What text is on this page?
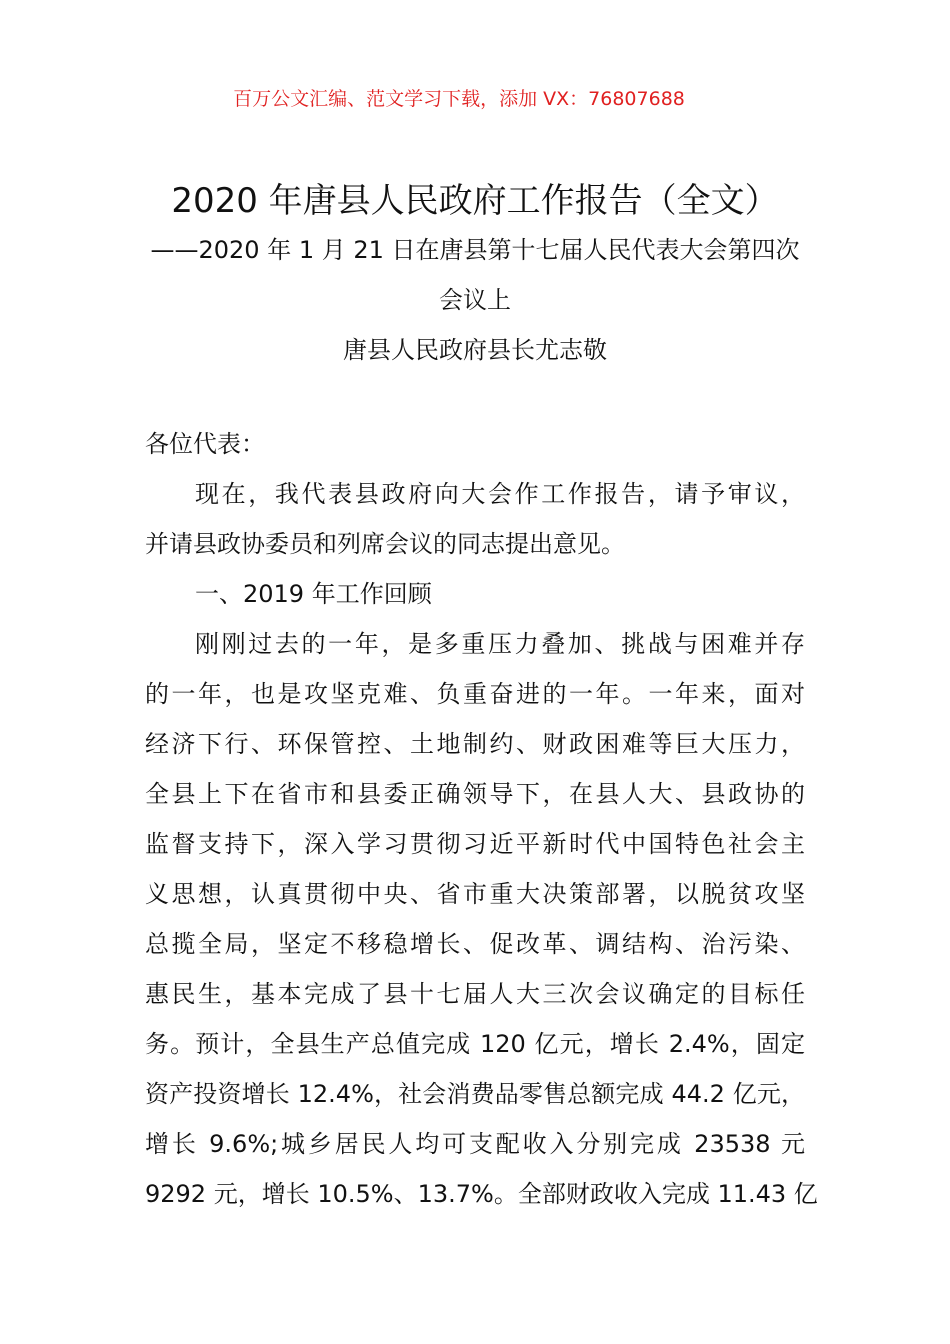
百万公文汇编、范文学习下载，添加 VX：76807688
2020 年唐县人民政府工作报告（全文）
——2020 年 1 月 21 日在唐县第十七届人民代表大会第四次
会议上
唐县人民政府县长尤志敬
各位代表：
现在，我代表县政府向大会作工作报告，请予审议，
并请县政协委员和列席会议的同志提出意见。
一、2019 年工作回顾
刚刚过去的一年，是多重压力叠加、挑战与困难并存
的一年，也是攻坚克难、负重奋进的一年。一年来，面对
经济下行、环保管控、土地制约、财政困难等巨大压力，
全县上下在省市和县委正确领导下，在县人大、县政协的
监督支持下，深入学习贯彻习近平新时代中国特色社会主
义思想，认真贯彻中央、省市重大决策部署，以脱贫攻坚
总揽全局，坚定不移稳增长、促改革、调结构、治污染、
惠民生，基本完成了县十七届人大三次会议确定的目标任
务。预计，全县生产总值完成 120 亿元，增长 2.4%，固定
资产投资增长 12.4%，社会消费品零售总额完成 44.2 亿元，
增长 9.6%;城乡居民人均可支配收入分别完成 23538 元
9292 元，增长 10.5%、13.7%。全部财政收入完成 11.43 亿
